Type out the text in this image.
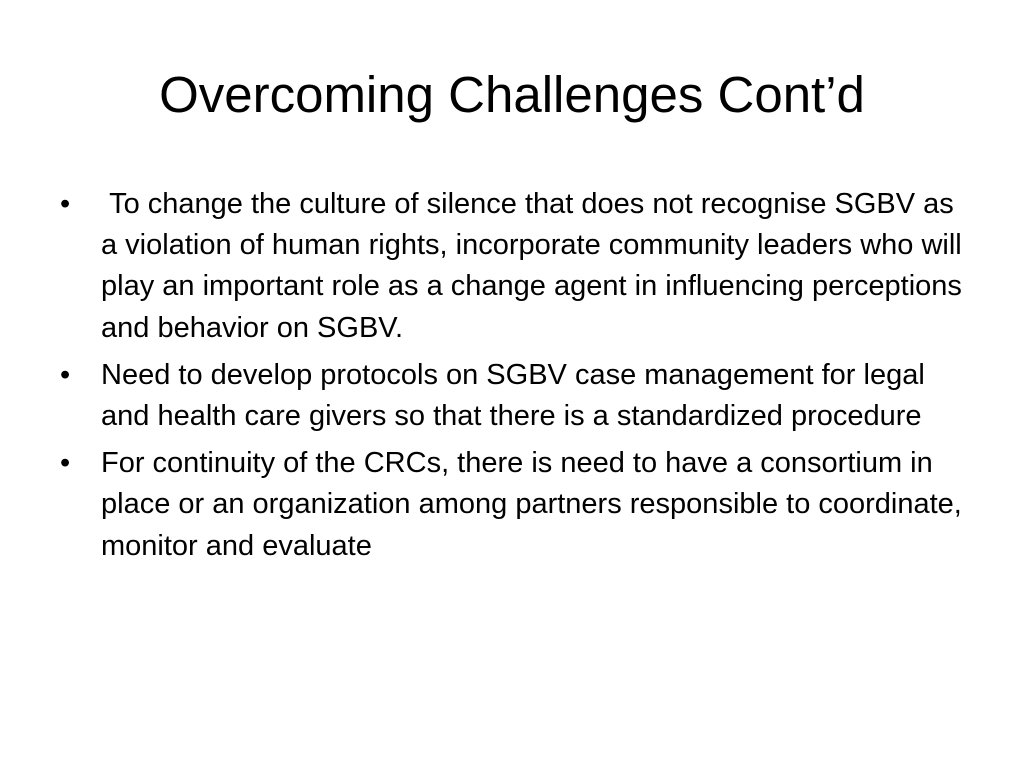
Overcoming Challenges Cont’d
•	To change the culture of silence that does not recognise SGBV as a violation of human rights, incorporate community leaders who will play an important role as a change agent in influencing perceptions and behavior on SGBV.
•	Need to develop protocols on SGBV case management for legal and health care givers so that there is a standardized procedure
•	For continuity of the CRCs, there is need to have a consortium in place or an organization among partners responsible to coordinate, monitor and evaluate
